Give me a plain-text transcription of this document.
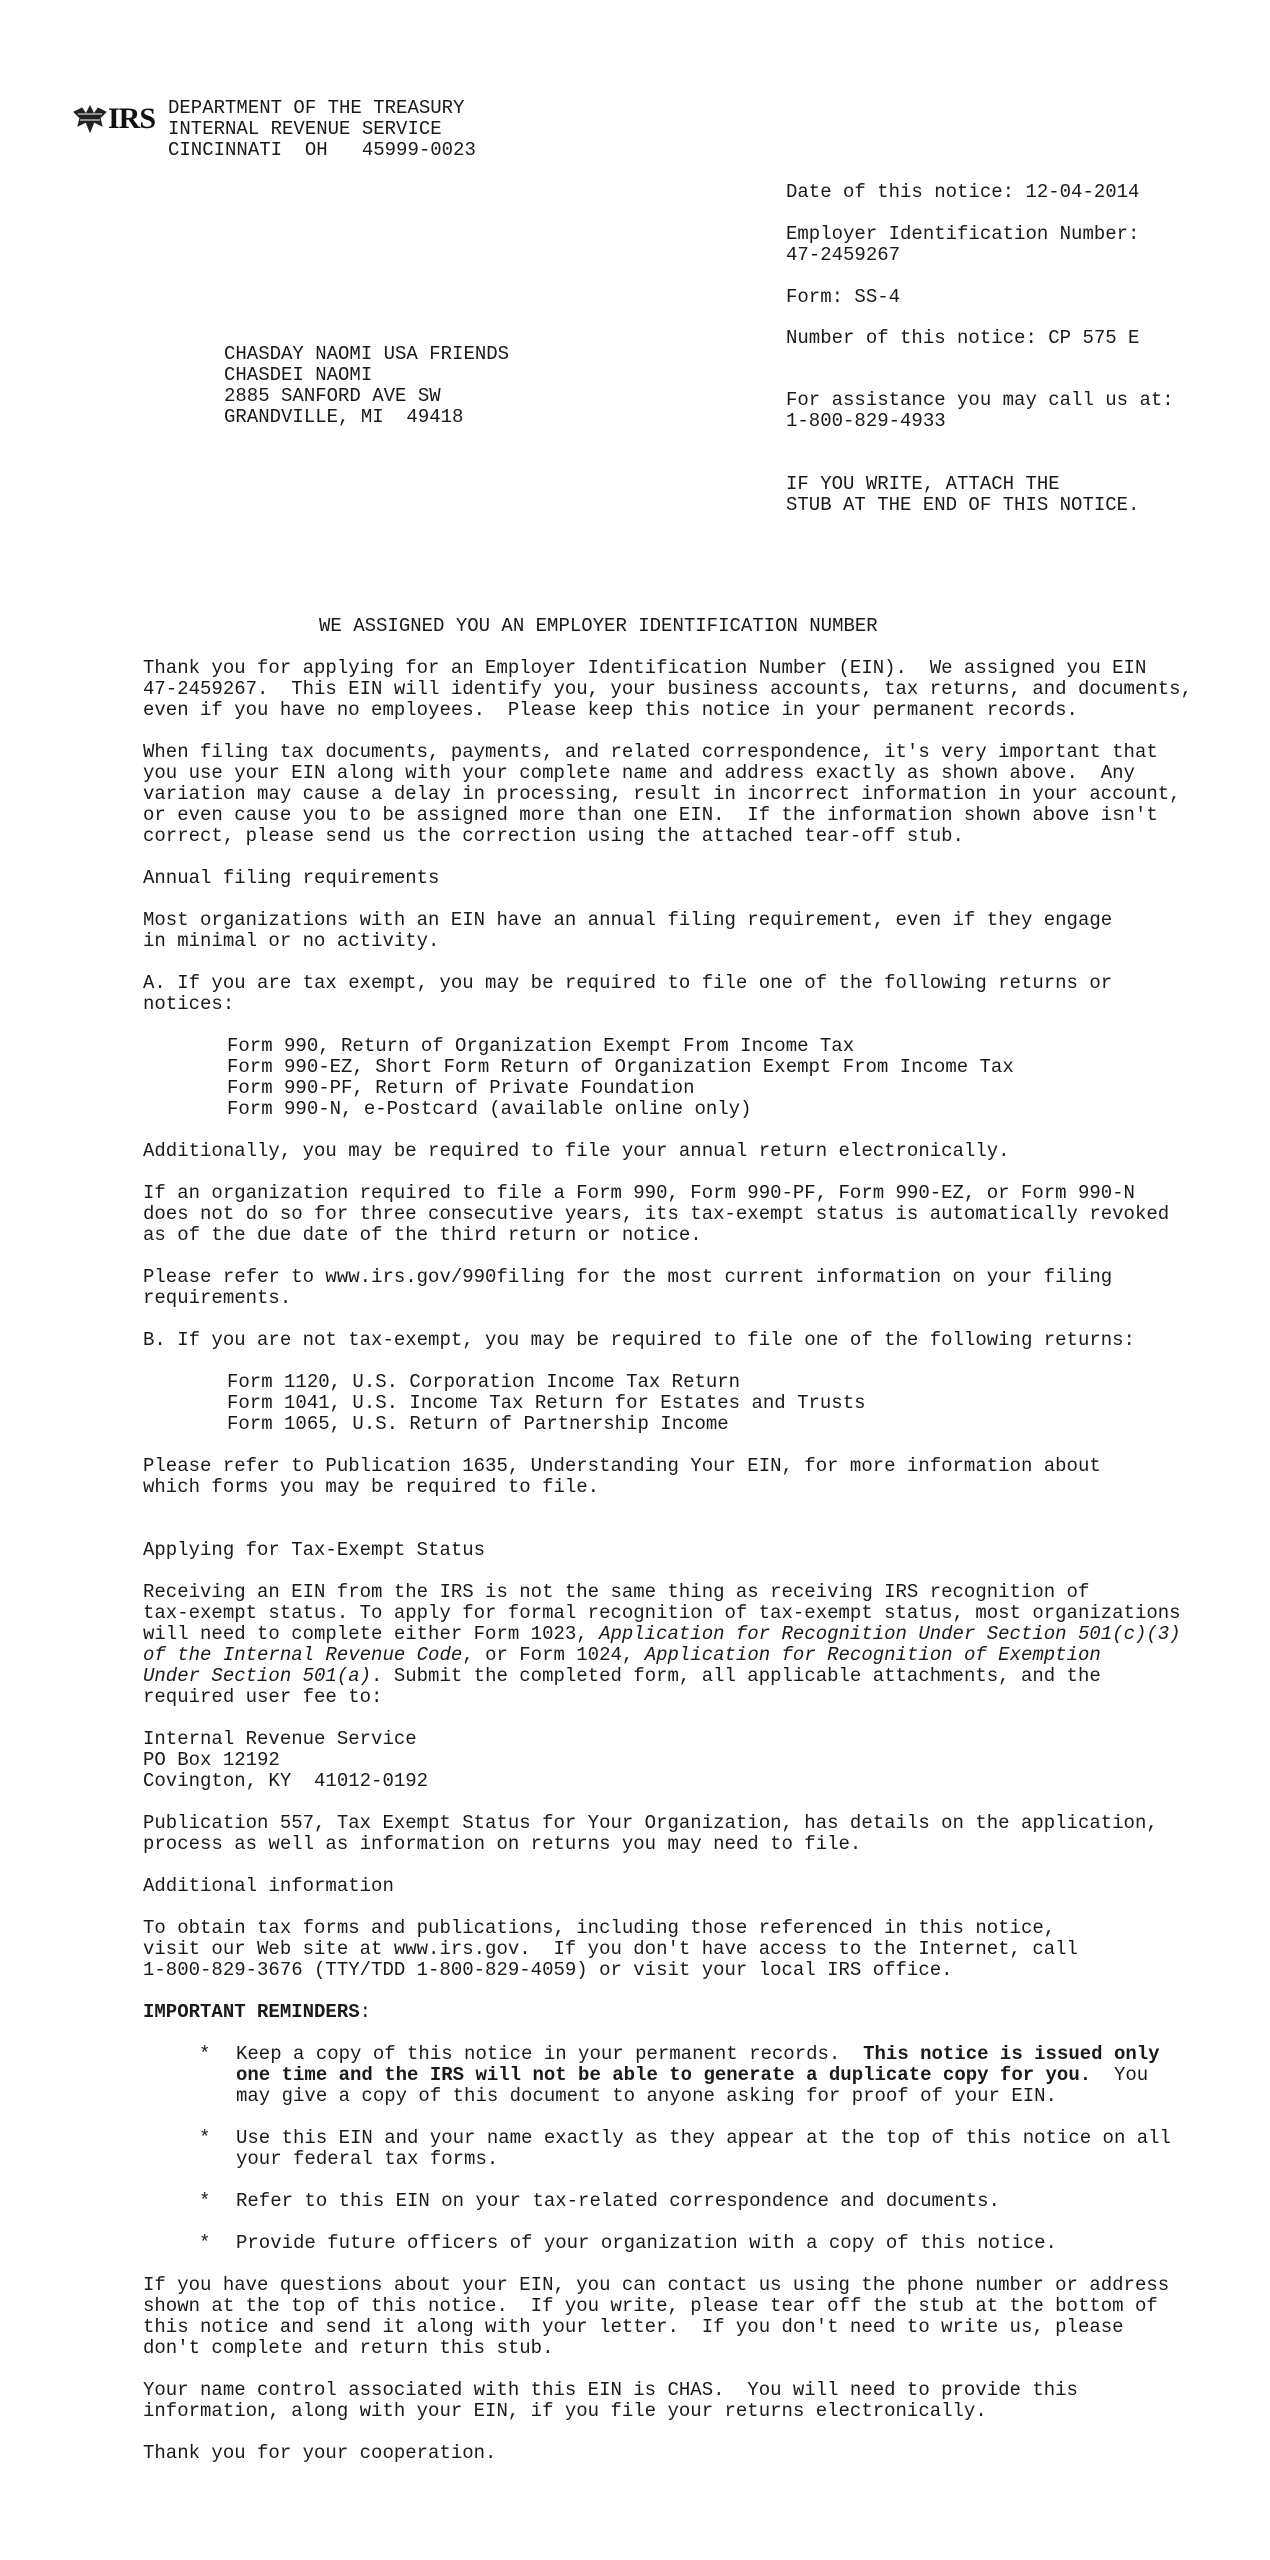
IRS DEPARTMENT OF THE TREASURY
INTERNAL REVENUE SERVICE
CINCINNATI  OH   45999-0023
Date of this notice: 12-04-2014
Employer Identification Number:
47-2459267
Form: SS-4
Number of this notice: CP 575 E
For assistance you may call us at:
1-800-829-4933
IF YOU WRITE, ATTACH THE
STUB AT THE END OF THIS NOTICE.
CHASDAY NAOMI USA FRIENDS
CHASDEI NAOMI
2885 SANFORD AVE SW
GRANDVILLE, MI  49418
WE ASSIGNED YOU AN EMPLOYER IDENTIFICATION NUMBER
Thank you for applying for an Employer Identification Number (EIN).  We assigned you EIN
47-2459267.  This EIN will identify you, your business accounts, tax returns, and documents,
even if you have no employees.  Please keep this notice in your permanent records.
When filing tax documents, payments, and related correspondence, it's very important that
you use your EIN along with your complete name and address exactly as shown above.  Any
variation may cause a delay in processing, result in incorrect information in your account,
or even cause you to be assigned more than one EIN.  If the information shown above isn't
correct, please send us the correction using the attached tear-off stub.
Annual filing requirements
Most organizations with an EIN have an annual filing requirement, even if they engage
in minimal or no activity.
A. If you are tax exempt, you may be required to file one of the following returns or
notices:
Form 990, Return of Organization Exempt From Income Tax
Form 990-EZ, Short Form Return of Organization Exempt From Income Tax
Form 990-PF, Return of Private Foundation
Form 990-N, e-Postcard (available online only)
Additionally, you may be required to file your annual return electronically.
If an organization required to file a Form 990, Form 990-PF, Form 990-EZ, or Form 990-N
does not do so for three consecutive years, its tax-exempt status is automatically revoked
as of the due date of the third return or notice.
Please refer to www.irs.gov/990filing for the most current information on your filing
requirements.
B. If you are not tax-exempt, you may be required to file one of the following returns:
Form 1120, U.S. Corporation Income Tax Return
Form 1041, U.S. Income Tax Return for Estates and Trusts
Form 1065, U.S. Return of Partnership Income
Please refer to Publication 1635, Understanding Your EIN, for more information about
which forms you may be required to file.
Applying for Tax-Exempt Status
Receiving an EIN from the IRS is not the same thing as receiving IRS recognition of
tax-exempt status. To apply for formal recognition of tax-exempt status, most organizations
will need to complete either Form 1023, Application for Recognition Under Section 501(c)(3)
of the Internal Revenue Code, or Form 1024, Application for Recognition of Exemption
Under Section 501(a). Submit the completed form, all applicable attachments, and the
required user fee to:
Internal Revenue Service
PO Box 12192
Covington, KY  41012-0192
Publication 557, Tax Exempt Status for Your Organization, has details on the application,
process as well as information on returns you may need to file.
Additional information
To obtain tax forms and publications, including those referenced in this notice,
visit our Web site at www.irs.gov.  If you don't have access to the Internet, call
1-800-829-3676 (TTY/TDD 1-800-829-4059) or visit your local IRS office.
IMPORTANT REMINDERS:
* Keep a copy of this notice in your permanent records.  This notice is issued only
one time and the IRS will not be able to generate a duplicate copy for you.  You
may give a copy of this document to anyone asking for proof of your EIN.
* Use this EIN and your name exactly as they appear at the top of this notice on all
your federal tax forms.
* Refer to this EIN on your tax-related correspondence and documents.
* Provide future officers of your organization with a copy of this notice.
If you have questions about your EIN, you can contact us using the phone number or address
shown at the top of this notice.  If you write, please tear off the stub at the bottom of
this notice and send it along with your letter.  If you don't need to write us, please
don't complete and return this stub.
Your name control associated with this EIN is CHAS.  You will need to provide this
information, along with your EIN, if you file your returns electronically.
Thank you for your cooperation.
